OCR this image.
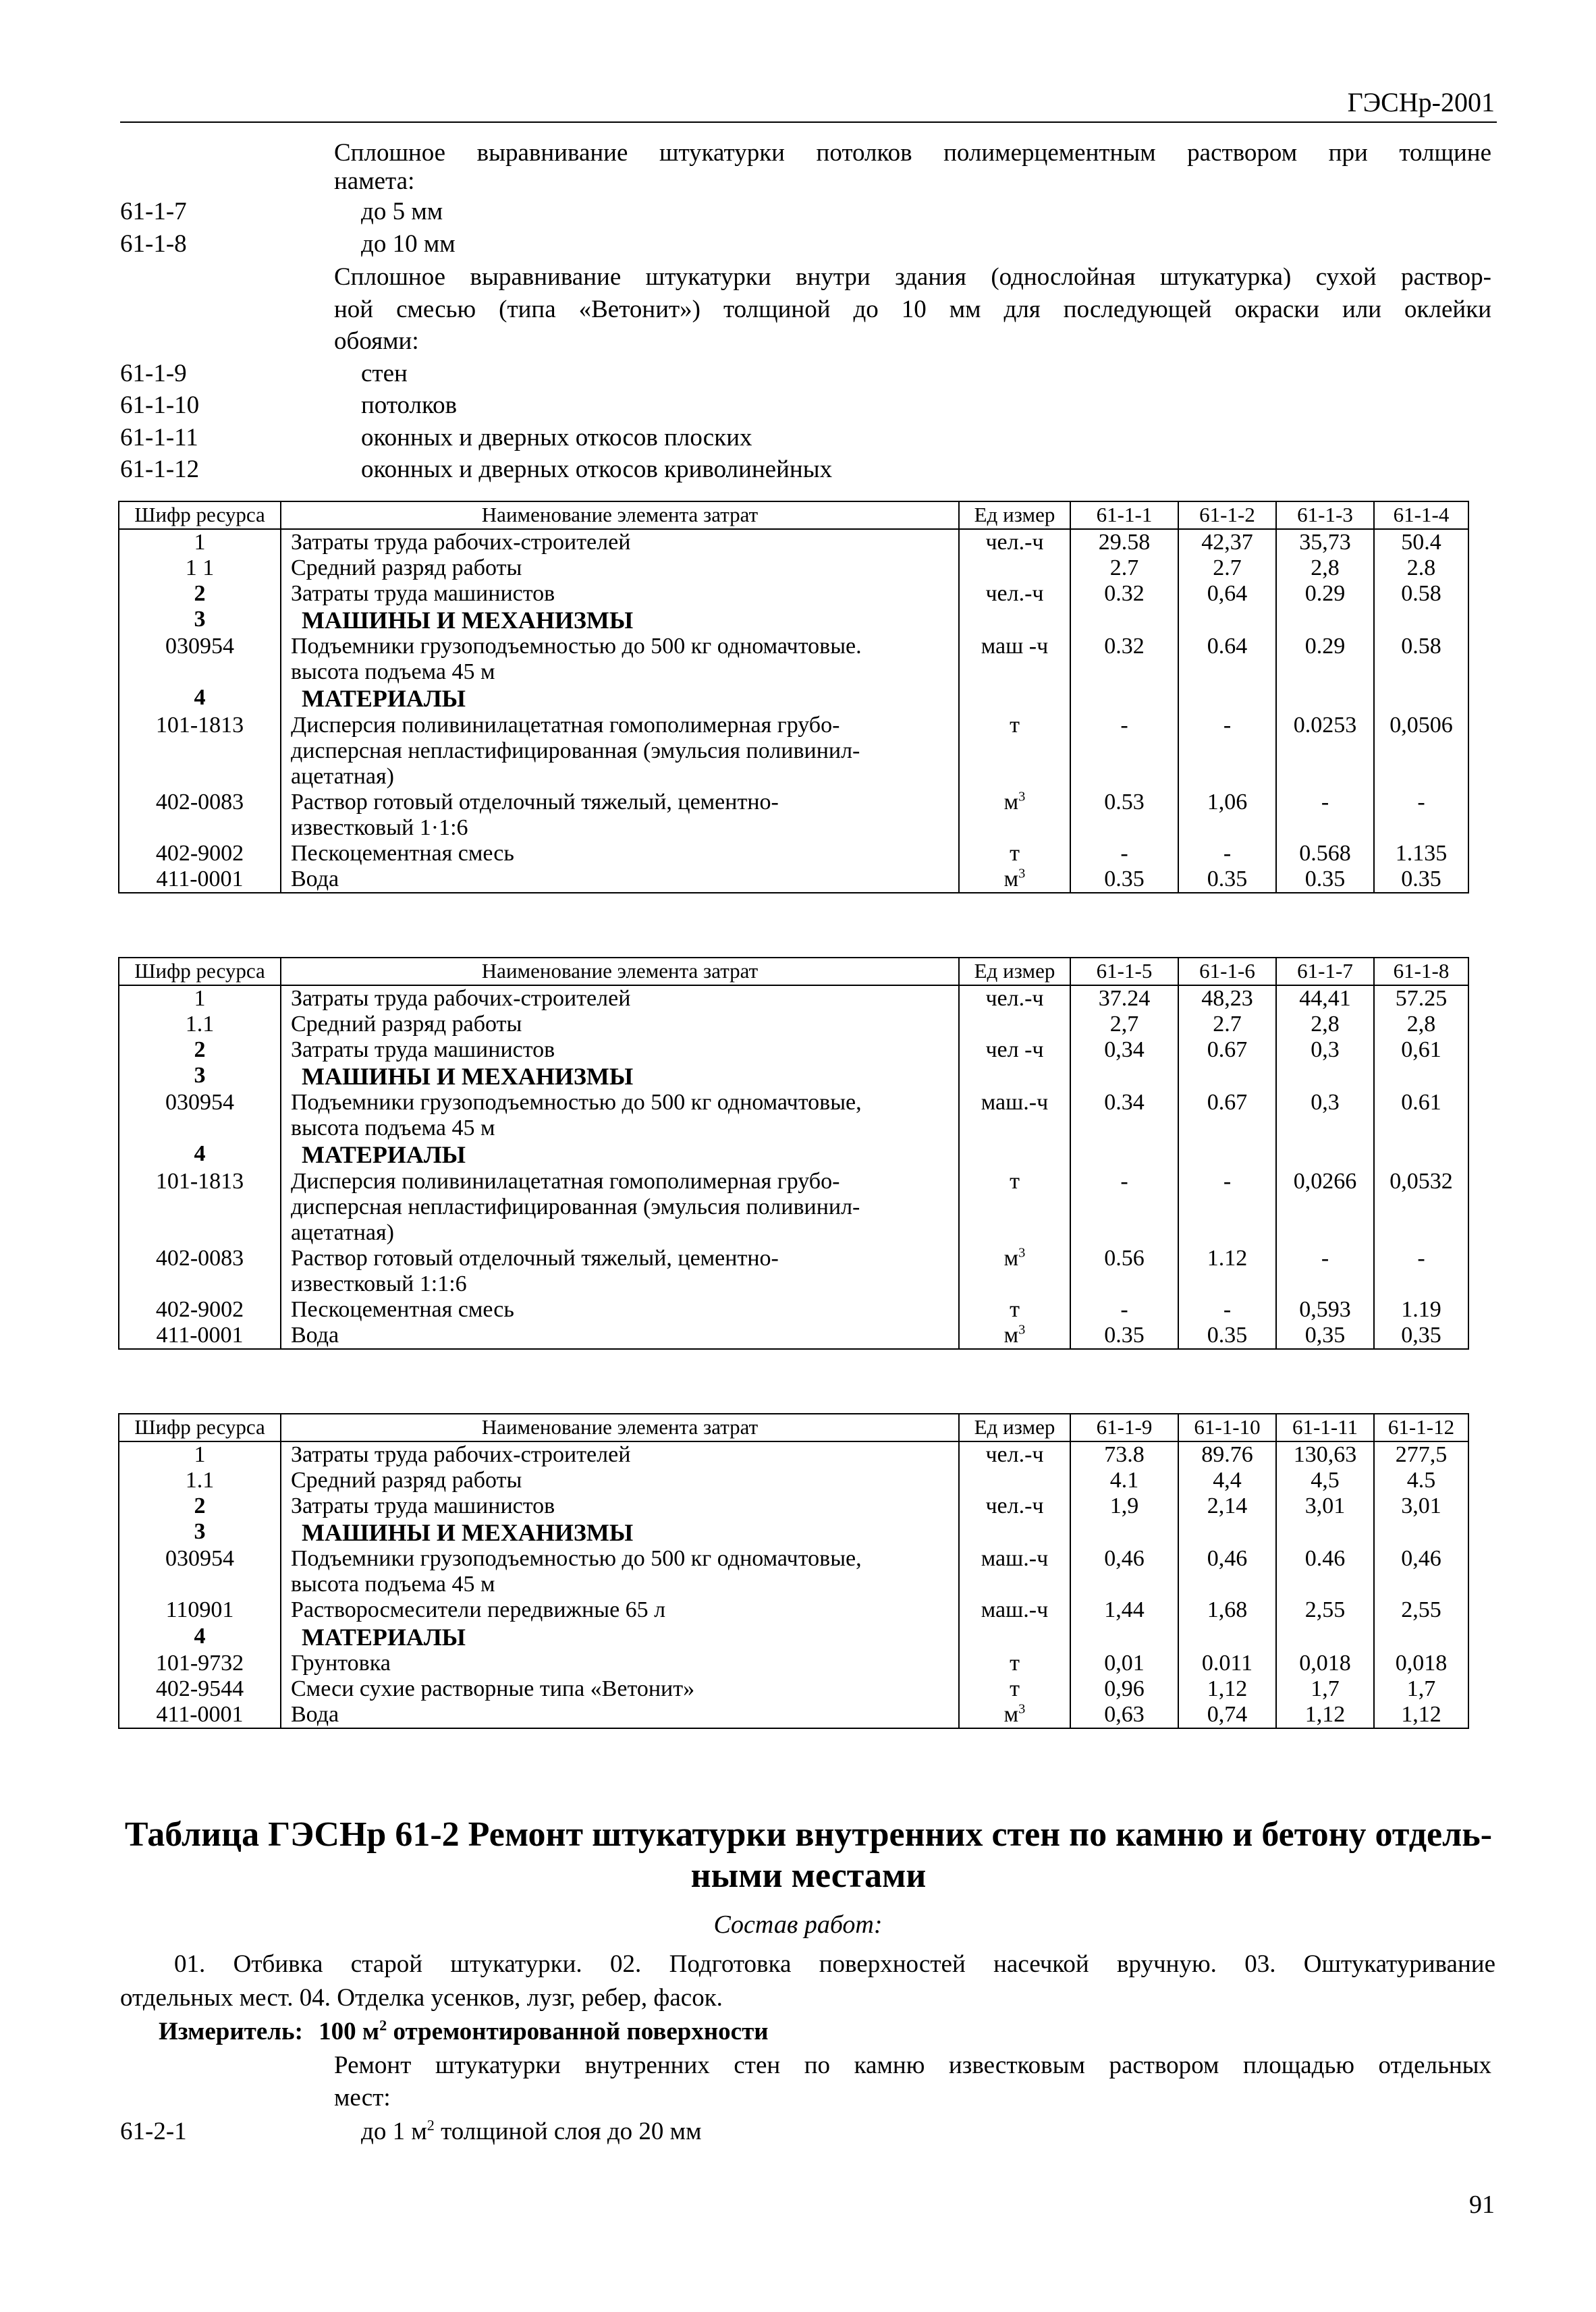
ГЭСНр-2001
Сплошное выравнивание штукатурки потолков полимерцементным раствором при толщине
намета:
61-1-7	до 5 мм
61-1-8	до 10 мм
Сплошное выравнивание штукатурки внутри здания (однослойная штукатурка) сухой раствор-
ной смесью (типа «Ветонит») толщиной до 10 мм для последующей окраски или оклейки
обоями:
61-1-9	стен
61-1-10	потолков
61-1-11	оконных и дверных откосов плоских
61-1-12	оконных и дверных откосов криволинейных
Шифр ресурса	Наименование элемента затрат	Ед измер	61-1-1	61-1-2	61-1-3	61-1-4
1	Затраты труда рабочих-строителей	чел.-ч	29.58	42,37	35,73	50.4
1 1	Средний разряд работы		2.7	2.7	2,8	2.8
2	Затраты труда машинистов	чел.-ч	0.32	0,64	0.29	0.58
3	МАШИНЫ И МЕХАНИЗМЫ					
030954	Подъемники грузоподъемностью до 500 кг одномачтовые.
высота подъема 45 м	маш -ч	0.32	0.64	0.29	0.58
4	МАТЕРИАЛЫ					
101-1813	Дисперсия поливинилацетатная гомополимерная грубо-
дисперсная непластифицированная (эмульсия поливинил-
ацетатная)	т	-	-	0.0253	0,0506
402-0083	Раствор готовый отделочный тяжелый, цементно-
известковый 1·1:6	$м^3$	0.53	1,06	-	-
402-9002	Пескоцементная смесь	т	-	-	0.568	1.135
411-0001	Вода	$м^3$	0.35	0.35	0.35	0.35
Шифр ресурса	Наименование элемента затрат	Ед измер	61-1-5	61-1-6	61-1-7	61-1-8
1	Затраты труда рабочих-строителей	чел.-ч	37.24	48,23	44,41	57.25
1.1	Средний разряд работы		2,7	2.7	2,8	2,8
2	Затраты труда машинистов	чел -ч	0,34	0.67	0,3	0,61
3	МАШИНЫ И МЕХАНИЗМЫ					
030954	Подъемники грузоподъемностью до 500 кг одномачтовые,
высота подъема 45 м	маш.-ч	0.34	0.67	0,3	0.61
4	МАТЕРИАЛЫ					
101-1813	Дисперсия поливинилацетатная гомополимерная грубо-
дисперсная непластифицированная (эмульсия поливинил-
ацетатная)	т	-	-	0,0266	0,0532
402-0083	Раствор готовый отделочный тяжелый, цементно-
известковый 1:1:6	$м^3$	0.56	1.12	-	-
402-9002	Пескоцементная смесь	т	-	-	0,593	1.19
411-0001	Вода	$м^3$	0.35	0.35	0,35	0,35
Шифр ресурса	Наименование элемента затрат	Ед измер	61-1-9	61-1-10	61-1-11	61-1-12
1	Затраты труда рабочих-строителей	чел.-ч	73.8	89.76	130,63	277,5
1.1	Средний разряд работы		4.1	4,4	4,5	4.5
2	Затраты труда машинистов	чел.-ч	1,9	2,14	3,01	3,01
3	МАШИНЫ И МЕХАНИЗМЫ					
030954	Подъемники грузоподъемностью до 500 кг одномачтовые,
высота подъема 45 м	маш.-ч	0,46	0,46	0.46	0,46
110901	Растворосмесители передвижные 65 л	маш.-ч	1,44	1,68	2,55	2,55
4	МАТЕРИАЛЫ					
101-9732	Грунтовка	т	0,01	0.011	0,018	0,018
402-9544	Смеси сухие растворные типа «Ветонит»	т	0,96	1,12	1,7	1,7
411-0001	Вода	$м^3$	0,63	0,74	1,12	1,12
Таблица ГЭСНр 61-2 Ремонт штукатурки внутренних стен по камню и бетону отдель-
ными местами
Состав работ:
01. Отбивка старой штукатурки. 02. Подготовка поверхностей насечкой вручную. 03. Оштукатуривание
отдельных мест. 04. Отделка усенков, лузг, ребер, фасок.
Измеритель: 100 $м^2$ отремонтированной поверхности
Ремонт штукатурки внутренних стен по камню известковым раствором площадью отдельных
мест:
61-2-1	до 1 $м^2$ толщиной слоя до 20 мм
91
